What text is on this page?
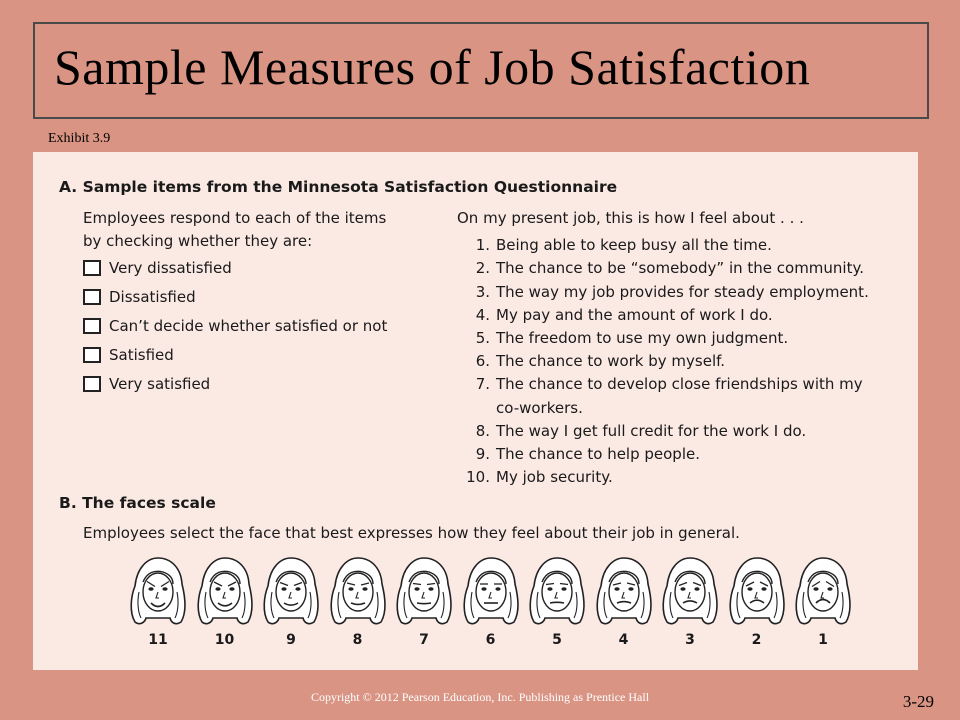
Sample Measures of Job Satisfaction
Exhibit 3.9
A. Sample items from the Minnesota Satisfaction Questionnaire
Employees respond to each of the items
by checking whether they are:
Very dissatisfied
Dissatisfied
Can’t decide whether satisfied or not
Satisfied
Very satisfied
On my present job, this is how I feel about . . .
1. Being able to keep busy all the time.
2. The chance to be “somebody” in the community.
3. The way my job provides for steady employment.
4. My pay and the amount of work I do.
5. The freedom to use my own judgment.
6. The chance to work by myself.
7. The chance to develop close friendships with my
co-workers.
8. The way I get full credit for the work I do.
9. The chance to help people.
10. My job security.
B. The faces scale
Employees select the face that best expresses how they feel about their job in general.
11	10	9	8	7	6	5	4	3	2	1
Copyright © 2012 Pearson Education, Inc. Publishing as Prentice Hall	3-29
